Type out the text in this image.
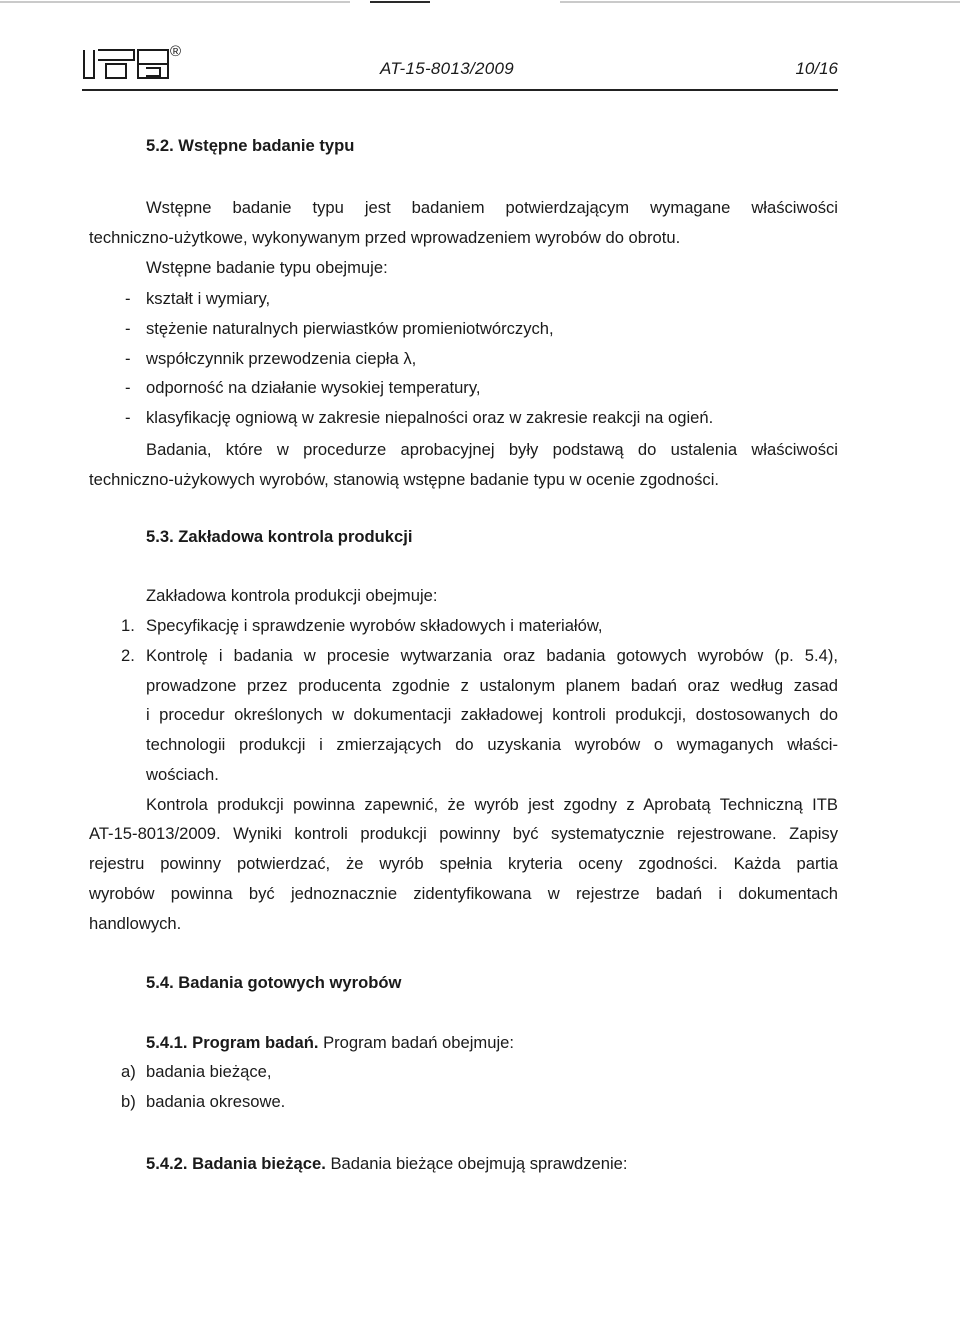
®
AT-15-8013/2009	10/16
5.2. Wstępne badanie typu
Wstępne badanie typu jest badaniem potwierdzającym wymagane właściwości
techniczno-użytkowe, wykonywanym przed wprowadzeniem wyrobów do obrotu.
Wstępne badanie typu obejmuje:
- kształt i wymiary,
- stężenie naturalnych pierwiastków promieniotwórczych,
- współczynnik przewodzenia ciepła λ,
- odporność na działanie wysokiej temperatury,
- klasyfikację ogniową w zakresie niepalności oraz w zakresie reakcji na ogień.
Badania, które w procedurze aprobacyjnej były podstawą do ustalenia właściwości
techniczno-użykowych wyrobów, stanowią wstępne badanie typu w ocenie zgodności.
5.3. Zakładowa kontrola produkcji
Zakładowa kontrola produkcji obejmuje:
1. Specyfikację i sprawdzenie wyrobów składowych i materiałów,
2. Kontrolę i badania w procesie wytwarzania oraz badania gotowych wyrobów (p. 5.4),
prowadzone przez producenta zgodnie z ustalonym planem badań oraz według zasad
i procedur określonych w dokumentacji zakładowej kontroli produkcji, dostosowanych do
technologii produkcji i zmierzających do uzyskania wyrobów o wymaganych właści-
wościach.
Kontrola produkcji powinna zapewnić, że wyrób jest zgodny z Aprobatą Techniczną ITB
AT-15-8013/2009. Wyniki kontroli produkcji powinny być systematycznie rejestrowane. Zapisy
rejestru powinny potwierdzać, że wyrób spełnia kryteria oceny zgodności. Każda partia
wyrobów powinna być jednoznacznie zidentyfikowana w rejestrze badań i dokumentach
handlowych.
5.4. Badania gotowych wyrobów
5.4.1. Program badań. Program badań obejmuje:
a) badania bieżące,
b) badania okresowe.
5.4.2. Badania bieżące. Badania bieżące obejmują sprawdzenie:
